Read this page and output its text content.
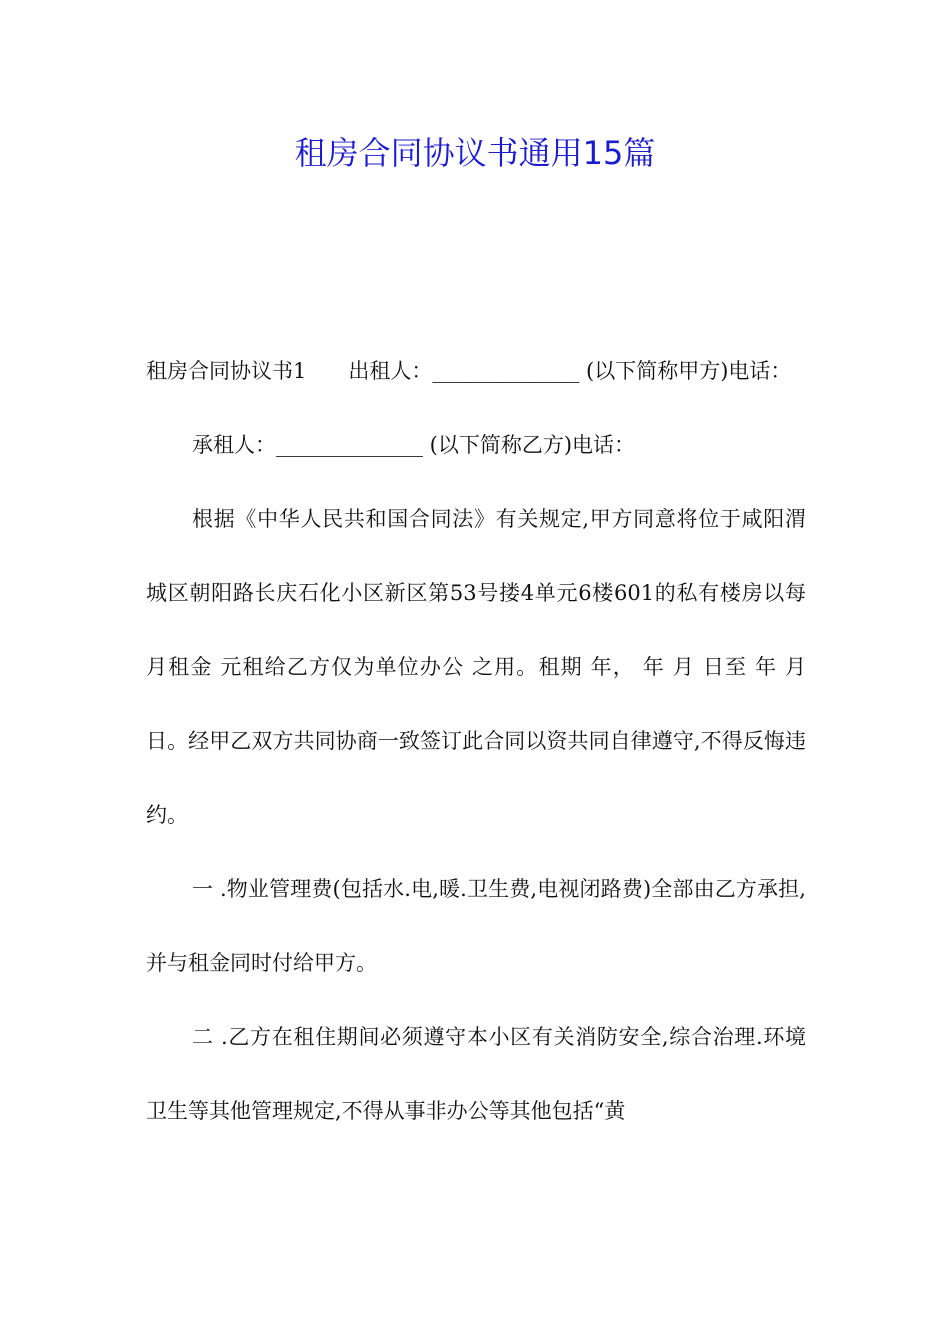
租房合同协议书通用15篇

租房合同协议书1　　出租人：______________ (以下简称甲方)电话：

承租人：______________ (以下简称乙方)电话：

根据《中华人民共和国合同法》有关规定,甲方同意将位于咸阳渭城区朝阳路长庆石化小区新区第53号搂4单元6楼601的私有楼房以每月租金 元租给乙方仅为单位办公 之用。租期 年， 年 月 日至 年 月 日。经甲乙双方共同协商一致签订此合同以资共同自律遵守,不得反悔违约。

一 .物业管理费(包括水.电,暖.卫生费,电视闭路费)全部由乙方承担,并与租金同时付给甲方。

二 .乙方在租住期间必须遵守本小区有关消防安全,综合治理.环境卫生等其他管理规定,不得从事非办公等其他包括“黄
